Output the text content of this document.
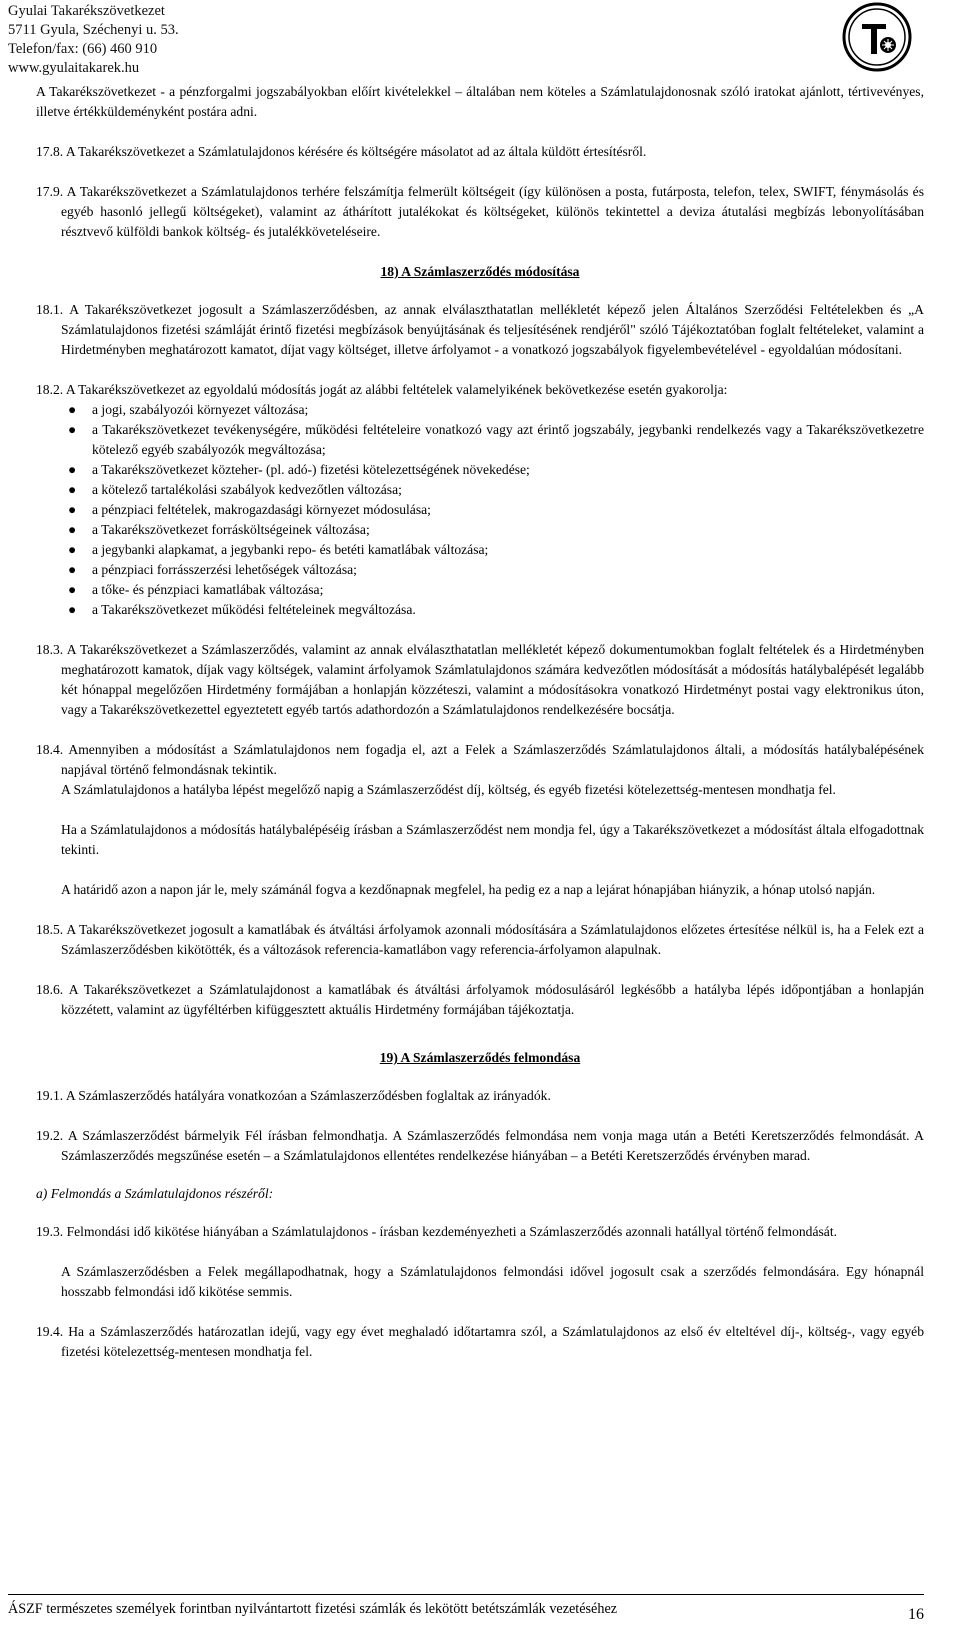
Gyulai Takarékszövetkezet
5711 Gyula, Széchenyi u. 53.
Telefon/fax: (66) 460 910
www.gyulaitakarek.hu

A Takarékszövetkezet - a pénzforgalmi jogszabályokban előírt kivételekkel – általában nem köteles a Számlatulajdonosnak szóló iratokat ajánlott, tértivevényes, illetve értékküldeményként postára adni.

17.8. A Takarékszövetkezet a Számlatulajdonos kérésére és költségére másolatot ad az általa küldött értesítésről.

17.9. A Takarékszövetkezet a Számlatulajdonos terhére felszámítja felmerült költségeit (így különösen a posta, futárposta, telefon, telex, SWIFT, fénymásolás és egyéb hasonló jellegű költségeket), valamint az áthárított jutalékokat és költségeket, különös tekintettel a deviza átutalási megbízás lebonyolításában résztvevő külföldi bankok költség- és jutalékköveteléseire.

18) A Számlaszerződés módosítása

18.1. A Takarékszövetkezet jogosult a Számlaszerződésben, az annak elválaszthatatlan mellékletét képező jelen Általános Szerződési Feltételekben és „A Számlatulajdonos fizetési számláját érintő fizetési megbízások benyújtásának és teljesítésének rendjéről" szóló Tájékoztatóban foglalt feltételeket, valamint a Hirdetményben meghatározott kamatot, díjat vagy költséget, illetve árfolyamot - a vonatkozó jogszabályok figyelembevételével - egyoldalúan módosítani.

18.2. A Takarékszövetkezet az egyoldalú módosítás jogát az alábbi feltételek valamelyikének bekövetkezése esetén gyakorolja:

● a jogi, szabályozói környezet változása;
● a Takarékszövetkezet tevékenységére, működési feltételeire vonatkozó vagy azt érintő jogszabály, jegybanki rendelkezés vagy a Takarékszövetkezetre kötelező egyéb szabályozók megváltozása;
● a Takarékszövetkezet közteher- (pl. adó-) fizetési kötelezettségének növekedése;
● a kötelező tartalékolási szabályok kedvezőtlen változása;
● a pénzpiaci feltételek, makrogazdasági környezet módosulása;
● a Takarékszövetkezet forrásköltségeinek változása;
● a jegybanki alapkamat, a jegybanki repo- és betéti kamatlábak változása;
● a pénzpiaci forrásszerzési lehetőségek változása;
● a tőke- és pénzpiaci kamatlábak változása;
● a Takarékszövetkezet működési feltételeinek megváltozása.

18.3. A Takarékszövetkezet a Számlaszerződés, valamint az annak elválaszthatatlan mellékletét képező dokumentumokban foglalt feltételek és a Hirdetményben meghatározott kamatok, díjak vagy költségek, valamint árfolyamok Számlatulajdonos számára kedvezőtlen módosítását a módosítás hatálybalépését legalább két hónappal megelőzően Hirdetmény formájában a honlapján közzéteszi, valamint a módosításokra vonatkozó Hirdetményt postai vagy elektronikus úton, vagy a Takarékszövetkezettel egyeztetett egyéb tartós adathordozón a Számlatulajdonos rendelkezésére bocsátja.

18.4. Amennyiben a módosítást a Számlatulajdonos nem fogadja el, azt a Felek a Számlaszerződés Számlatulajdonos általi, a módosítás hatálybalépésének napjával történő felmondásnak tekintik.

A Számlatulajdonos a hatályba lépést megelőző napig a Számlaszerződést díj, költség, és egyéb fizetési kötelezettség-mentesen mondhatja fel.

Ha a Számlatulajdonos a módosítás hatálybalépéséig írásban a Számlaszerződést nem mondja fel, úgy a Takarékszövetkezet a módosítást általa elfogadottnak tekinti.

A határidő azon a napon jár le, mely számánál fogva a kezdőnapnak megfelel, ha pedig ez a nap a lejárat hónapjában hiányzik, a hónap utolsó napján.

18.5. A Takarékszövetkezet jogosult a kamatlábak és átváltási árfolyamok azonnali módosítására a Számlatulajdonos előzetes értesítése nélkül is, ha a Felek ezt a Számlaszerződésben kikötötték, és a változások referencia-kamatlábon vagy referencia-árfolyamon alapulnak.

18.6. A Takarékszövetkezet a Számlatulajdonost a kamatlábak és átváltási árfolyamok módosulásáról legkésőbb a hatályba lépés időpontjában a honlapján közzétett, valamint az ügyféltérben kifüggesztett aktuális Hirdetmény formájában tájékoztatja.

19) A Számlaszerződés felmondása

19.1. A Számlaszerződés hatályára vonatkozóan a Számlaszerződésben foglaltak az irányadók.

19.2. A Számlaszerződést bármelyik Fél írásban felmondhatja. A Számlaszerződés felmondása nem vonja maga után a Betéti Keretszerződés felmondását. A Számlaszerződés megszűnése esetén – a Számlatulajdonos ellentétes rendelkezése hiányában – a Betéti Keretszerződés érvényben marad.

a) Felmondás a Számlatulajdonos részéről:

19.3. Felmondási idő kikötése hiányában a Számlatulajdonos - írásban kezdeményezheti a Számlaszerződés azonnali hatállyal történő felmondását.

A Számlaszerződésben a Felek megállapodhatnak, hogy a Számlatulajdonos felmondási idővel jogosult csak a szerződés felmondására. Egy hónapnál hosszabb felmondási idő kikötése semmis.

19.4. Ha a Számlaszerződés határozatlan idejű, vagy egy évet meghaladó időtartamra szól, a Számlatulajdonos az első év elteltével díj-, költség-, vagy egyéb fizetési kötelezettség-mentesen mondhatja fel.

ÁSZF természetes személyek forintban nyilvántartott fizetési számlák és lekötött betétszámlák vezetéséhez	16
